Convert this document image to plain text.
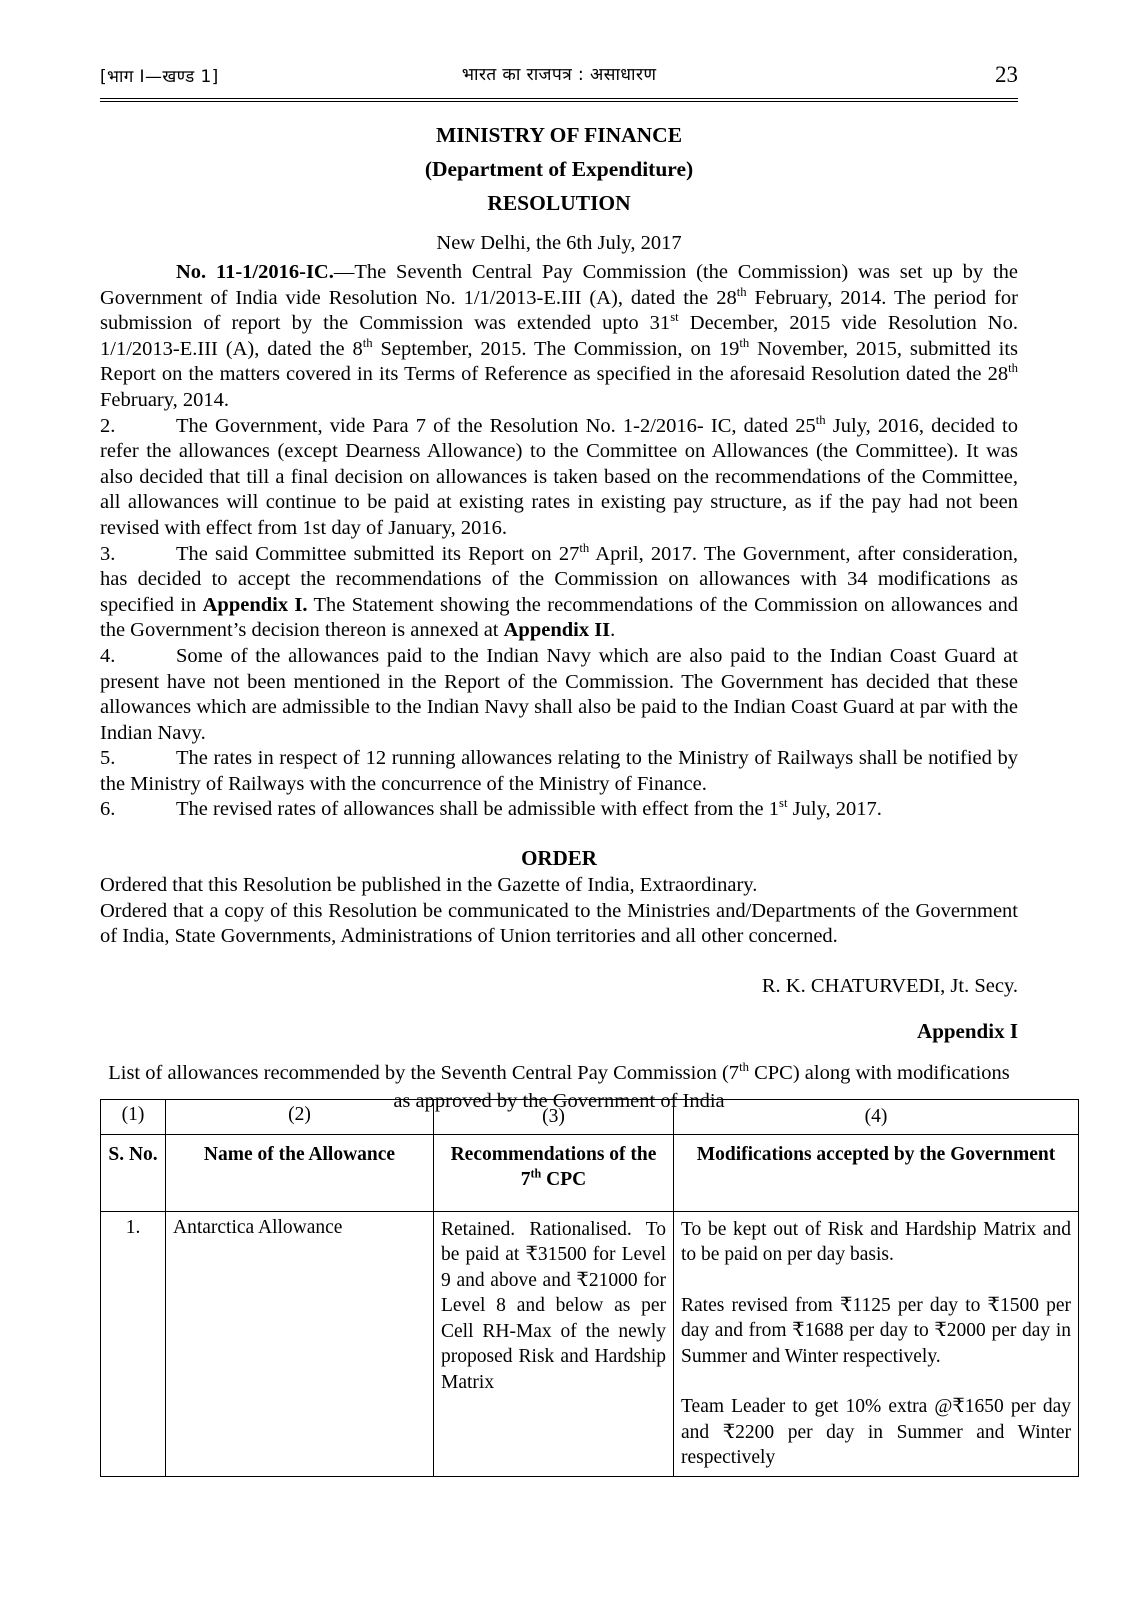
[भाग I—खण्ड 1]	भारत का राजपत्र : असाधारण	23
MINISTRY OF FINANCE
(Department of Expenditure)
RESOLUTION
New Delhi, the 6th July, 2017

No. 11-1/2016-IC.—The Seventh Central Pay Commission (the Commission) was set up by the Government of India vide Resolution No. 1/1/2013-E.III (A), dated the 28th February, 2014. The period for submission of report by the Commission was extended upto 31st December, 2015 vide Resolution No. 1/1/2013-E.III (A), dated the 8th September, 2015. The Commission, on 19th November, 2015, submitted its Report on the matters covered in its Terms of Reference as specified in the aforesaid Resolution dated the 28th February, 2014.

2.	The Government, vide Para 7 of the Resolution No. 1-2/2016- IC, dated 25th July, 2016, decided to refer the allowances (except Dearness Allowance) to the Committee on Allowances (the Committee). It was also decided that till a final decision on allowances is taken based on the recommendations of the Committee, all allowances will continue to be paid at existing rates in existing pay structure, as if the pay had not been revised with effect from 1st day of January, 2016.

3.	The said Committee submitted its Report on 27th April, 2017. The Government, after consideration, has decided to accept the recommendations of the Commission on allowances with 34 modifications as specified in Appendix I. The Statement showing the recommendations of the Commission on allowances and the Government’s decision thereon is annexed at Appendix II.

4.	Some of the allowances paid to the Indian Navy which are also paid to the Indian Coast Guard at present have not been mentioned in the Report of the Commission. The Government has decided that these allowances which are admissible to the Indian Navy shall also be paid to the Indian Coast Guard at par with the Indian Navy.

5.	The rates in respect of 12 running allowances relating to the Ministry of Railways shall be notified by the Ministry of Railways with the concurrence of the Ministry of Finance.

6.	The revised rates of allowances shall be admissible with effect from the 1st July, 2017.

ORDER

Ordered that this Resolution be published in the Gazette of India, Extraordinary.

Ordered that a copy of this Resolution be communicated to the Ministries and/Departments of the Government of India, State Governments, Administrations of Union territories and all other concerned.

R. K. CHATURVEDI, Jt. Secy.
Appendix I
List of allowances recommended by the Seventh Central Pay Commission (7th CPC) along with modifications as approved by the Government of India
(1)	(2)	(3)	(4)
S. No.	Name of the Allowance	Recommendations of the 7th CPC	Modifications accepted by the Government
1.	Antarctica Allowance	Retained. Rationalised. To be paid at ₹31500 for Level 9 and above and ₹21000 for Level 8 and below as per Cell RH-Max of the newly proposed Risk and Hardship Matrix	To be kept out of Risk and Hardship Matrix and to be paid on per day basis.

Rates revised from ₹1125 per day to ₹1500 per day and from ₹1688 per day to ₹2000 per day in Summer and Winter respectively.

Team Leader to get 10% extra @₹1650 per day and ₹2200 per day in Summer and Winter respectively
